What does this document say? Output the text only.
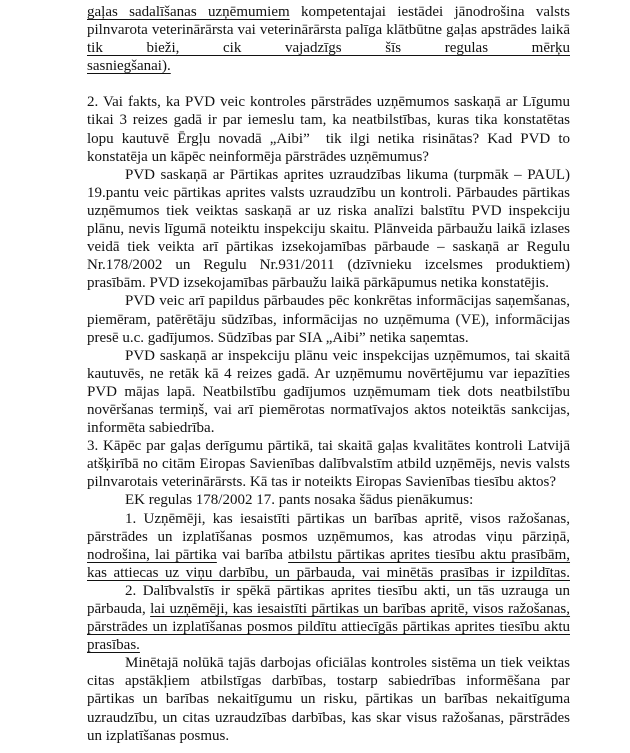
gaļas sadalīšanas uzņēmumiem kompetentajai iestādei jānodrošina valsts
pilnvarota veterinārārsta vai veterinārārsta palīga klātbūtne gaļas apstrādes laikā
tik bieži, cik vajadzīgs šīs regulas mērķu
sasniegšanai).
2. Vai fakts, ka PVD veic kontroles pārstrādes uzņēmumos saskaņā ar Līgumu
tikai 3 reizes gadā ir par iemeslu tam, ka neatbilstības, kuras tika konstatētas
lopu kautuvē Ērgļu novadā „Aibi”  tik ilgi netika risinātas? Kad PVD to
konstatēja un kāpēc neinformēja pārstrādes uzņēmumus?
PVD saskaņā ar Pārtikas aprites uzraudzības likuma (turpmāk – PAUL)
19.pantu veic pārtikas aprites valsts uzraudzību un kontroli. Pārbaudes pārtikas
uzņēmumos tiek veiktas saskaņā ar uz riska analīzi balstītu PVD inspekciju
plānu, nevis līgumā noteiktu inspekciju skaitu. Plānveida pārbaužu laikā izlases
veidā tiek veikta arī pārtikas izsekojamības pārbaude – saskaņā ar Regulu
Nr.178/2002 un Regulu Nr.931/2011 (dzīvnieku izcelsmes produktiem)
prasībām. PVD izsekojamības pārbaužu laikā pārkāpumus netika konstatējis.
PVD veic arī papildus pārbaudes pēc konkrētas informācijas saņemšanas,
piemēram, patērētāju sūdzības, informācijas no uzņēmuma (VE), informācijas
presē u.c. gadījumos. Sūdzības par SIA „Aibi” netika saņemtas.
PVD saskaņā ar inspekciju plānu veic inspekcijas uzņēmumos, tai skaitā
kautuvēs, ne retāk kā 4 reizes gadā. Ar uzņēmumu novērtējumu var iepazīties
PVD mājas lapā. Neatbilstību gadījumos uzņēmumam tiek dots neatbilstību
novēršanas termiņš, vai arī piemērotas normatīvajos aktos noteiktās sankcijas,
informēta sabiedrība.
3. Kāpēc par gaļas derīgumu pārtikā, tai skaitā gaļas kvalitātes kontroli Latvijā
atšķirībā no citām Eiropas Savienības dalībvalstīm atbild uzņēmējs, nevis valsts
pilnvarotais veterinārārsts. Kā tas ir noteikts Eiropas Savienības tiesību aktos?
EK regulas 178/2002 17. pants nosaka šādus pienākumus:
1. Uzņēmēji, kas iesaistīti pārtikas un barības apritē, visos ražošanas,
pārstrādes un izplatīšanas posmos uzņēmumos, kas atrodas viņu pārziņā,
nodrošina, lai pārtika vai barība atbilstu pārtikas aprites tiesību aktu prasībām,
kas attiecas uz viņu darbību, un pārbauda, vai minētās prasības ir izpildītas.
2. Dalībvalstīs ir spēkā pārtikas aprites tiesību akti, un tās uzrauga un
pārbauda, lai uzņēmēji, kas iesaistīti pārtikas un barības apritē, visos ražošanas,
pārstrādes un izplatīšanas posmos pildītu attiecīgās pārtikas aprites tiesību aktu
prasības.
Minētajā nolūkā tajās darbojas oficiālas kontroles sistēma un tiek veiktas
citas apstākļiem atbilstīgas darbības, tostarp sabiedrības informēšana par
pārtikas un barības nekaitīgumu un risku, pārtikas un barības nekaitīguma
uzraudzību, un citas uzraudzības darbības, kas skar visus ražošanas, pārstrādes
un izplatīšanas posmus.
